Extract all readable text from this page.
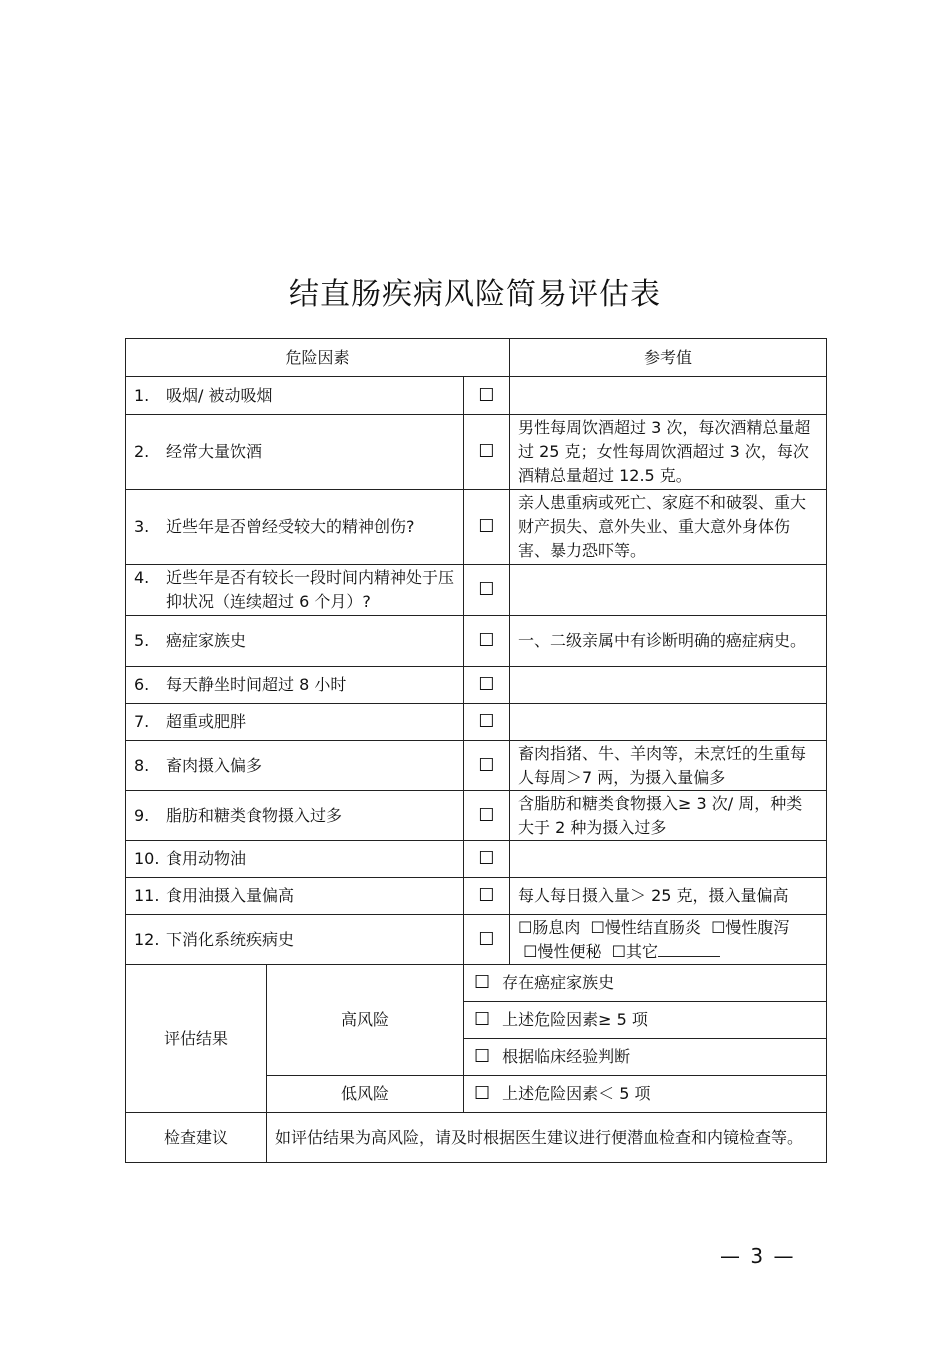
结直肠疾病风险简易评估表
危险因素			参考值

1. 吸烟/ 被动吸烟		☐	

2. 经常大量饮酒		☐	男性每周饮酒超过 3 次，每次酒精总量超过 25 克；女性每周饮酒超过 3 次，每次酒精总量超过 12.5 克。

3. 近些年是否曾经受较大的精神创伤?		☐	亲人患重病或死亡、家庭不和破裂、重大财产损失、意外失业、重大意外身体伤害、暴力恐吓等。

4. 近些年是否有较长一段时间内精神处于压抑状况（连续超过 6 个月）?		☐	

5. 癌症家族史		☐	一、二级亲属中有诊断明确的癌症病史。

6. 每天静坐时间超过 8 小时		☐	

7. 超重或肥胖		☐	

8. 畜肉摄入偏多		☐	畜肉指猪、牛、羊肉等，未烹饪的生重每人每周＞7 两，为摄入量偏多

9. 脂肪和糖类食物摄入过多		☐	含脂肪和糖类食物摄入≥ 3 次/ 周，种类大于 2 种为摄入过多

10. 食用动物油		☐	

11. 食用油摄入量偏高		☐	每人每日摄入量＞ 25 克，摄入量偏高

12. 下消化系统疾病史		☐	☐肠息肉 ☐慢性结直肠炎 ☐慢性腹泻  ☐慢性便秘 ☐其它

评估结果	高风险	☐ 存在癌症家族史	
		☐ 上述危险因素≥ 5 项	
		☐ 根据临床经验判断	
	低风险	☐ 上述危险因素＜ 5 项	
检查建议	如评估结果为高风险，请及时根据医生建议进行便潜血检查和内镜检查等。		
— 3 —
